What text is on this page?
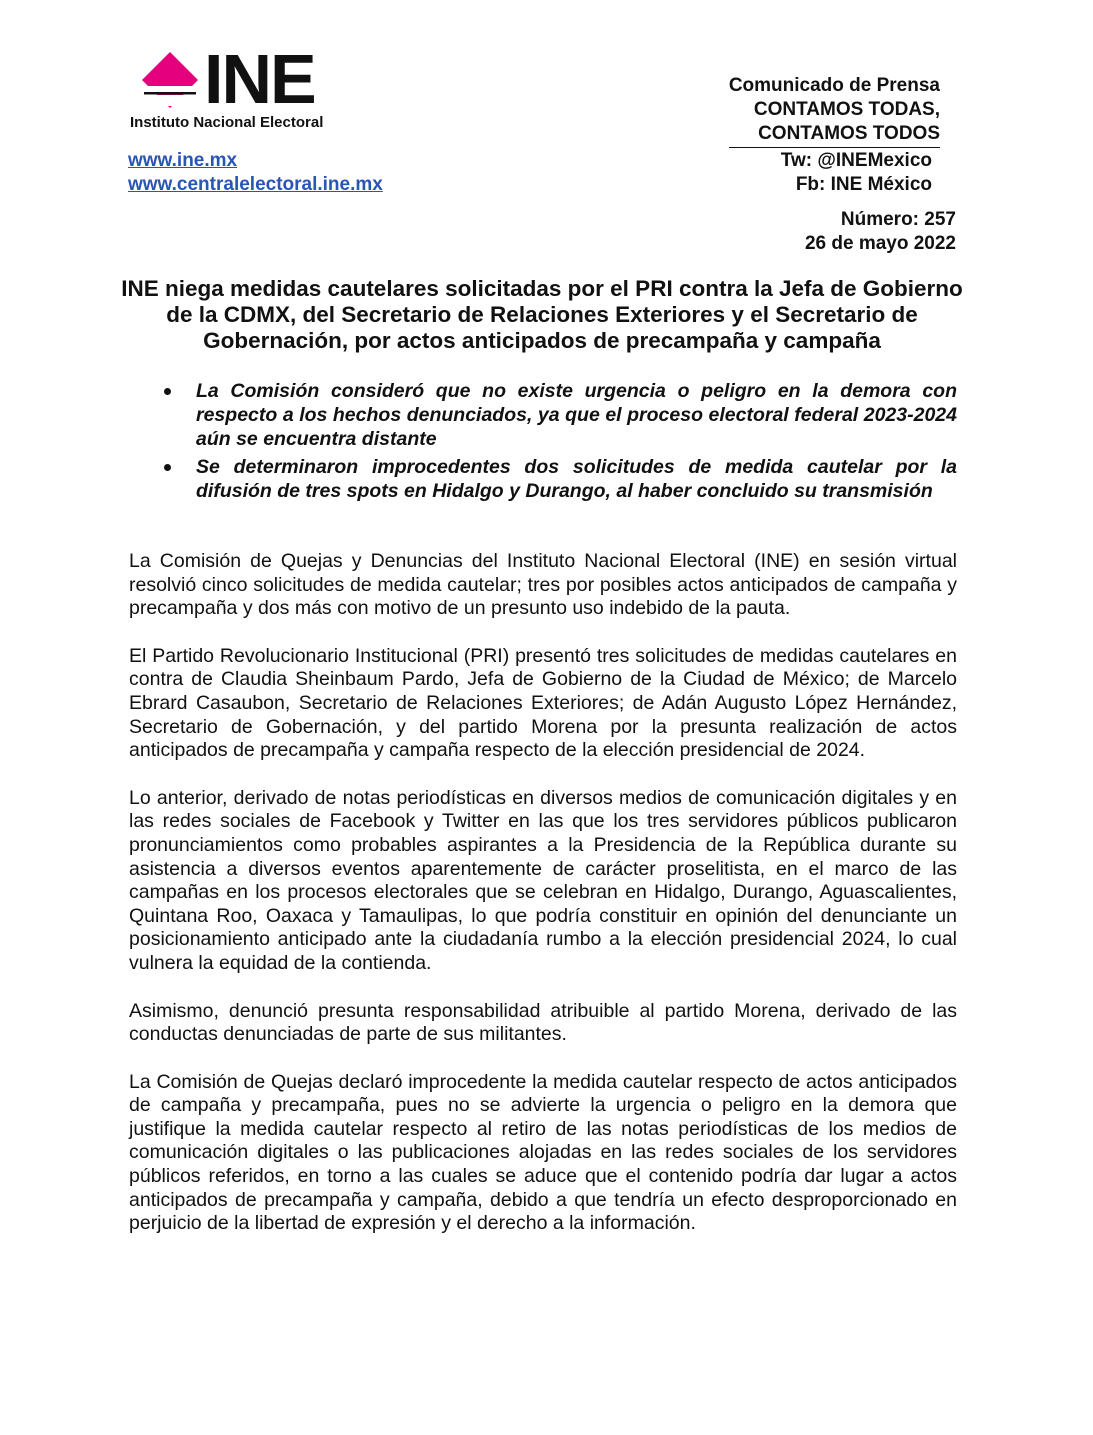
INE
Instituto Nacional Electoral
Comunicado de Prensa
CONTAMOS TODAS,
CONTAMOS TODOS
www.ine.mx
www.centralelectoral.ine.mx
Tw: @INEMexico
Fb: INE México
Número: 257
26 de mayo 2022
INE niega medidas cautelares solicitadas por el PRI contra la Jefa de Gobierno de la CDMX, del Secretario de Relaciones Exteriores y el Secretario de Gobernación, por actos anticipados de precampaña y campaña
La Comisión consideró que no existe urgencia o peligro en la demora con respecto a los hechos denunciados, ya que el proceso electoral federal 2023-2024 aún se encuentra distante
Se determinaron improcedentes dos solicitudes de medida cautelar por la difusión de tres spots en Hidalgo y Durango, al haber concluido su transmisión

La Comisión de Quejas y Denuncias del Instituto Nacional Electoral (INE) en sesión virtual resolvió cinco solicitudes de medida cautelar; tres por posibles actos anticipados de campaña y precampaña y dos más con motivo de un presunto uso indebido de la pauta.

El Partido Revolucionario Institucional (PRI) presentó tres solicitudes de medidas cautelares en contra de Claudia Sheinbaum Pardo, Jefa de Gobierno de la Ciudad de México; de Marcelo Ebrard Casaubon, Secretario de Relaciones Exteriores; de Adán Augusto López Hernández, Secretario de Gobernación, y del partido Morena por la presunta realización de actos anticipados de precampaña y campaña respecto de la elección presidencial de 2024.

Lo anterior, derivado de notas periodísticas en diversos medios de comunicación digitales y en las redes sociales de Facebook y Twitter en las que los tres servidores públicos publicaron pronunciamientos como probables aspirantes a la Presidencia de la República durante su asistencia a diversos eventos aparentemente de carácter proselitista, en el marco de las campañas en los procesos electorales que se celebran en Hidalgo, Durango, Aguascalientes, Quintana Roo, Oaxaca y Tamaulipas, lo que podría constituir en opinión del denunciante un posicionamiento anticipado ante la ciudadanía rumbo a la elección presidencial 2024, lo cual vulnera la equidad de la contienda.

Asimismo, denunció presunta responsabilidad atribuible al partido Morena, derivado de las conductas denunciadas de parte de sus militantes.

La Comisión de Quejas declaró improcedente la medida cautelar respecto de actos anticipados de campaña y precampaña, pues no se advierte la urgencia o peligro en la demora que justifique la medida cautelar respecto al retiro de las notas periodísticas de los medios de comunicación digitales o las publicaciones alojadas en las redes sociales de los servidores públicos referidos, en torno a las cuales se aduce que el contenido podría dar lugar a actos anticipados de precampaña y campaña, debido a que tendría un efecto desproporcionado en perjuicio de la libertad de expresión y el derecho a la información.
